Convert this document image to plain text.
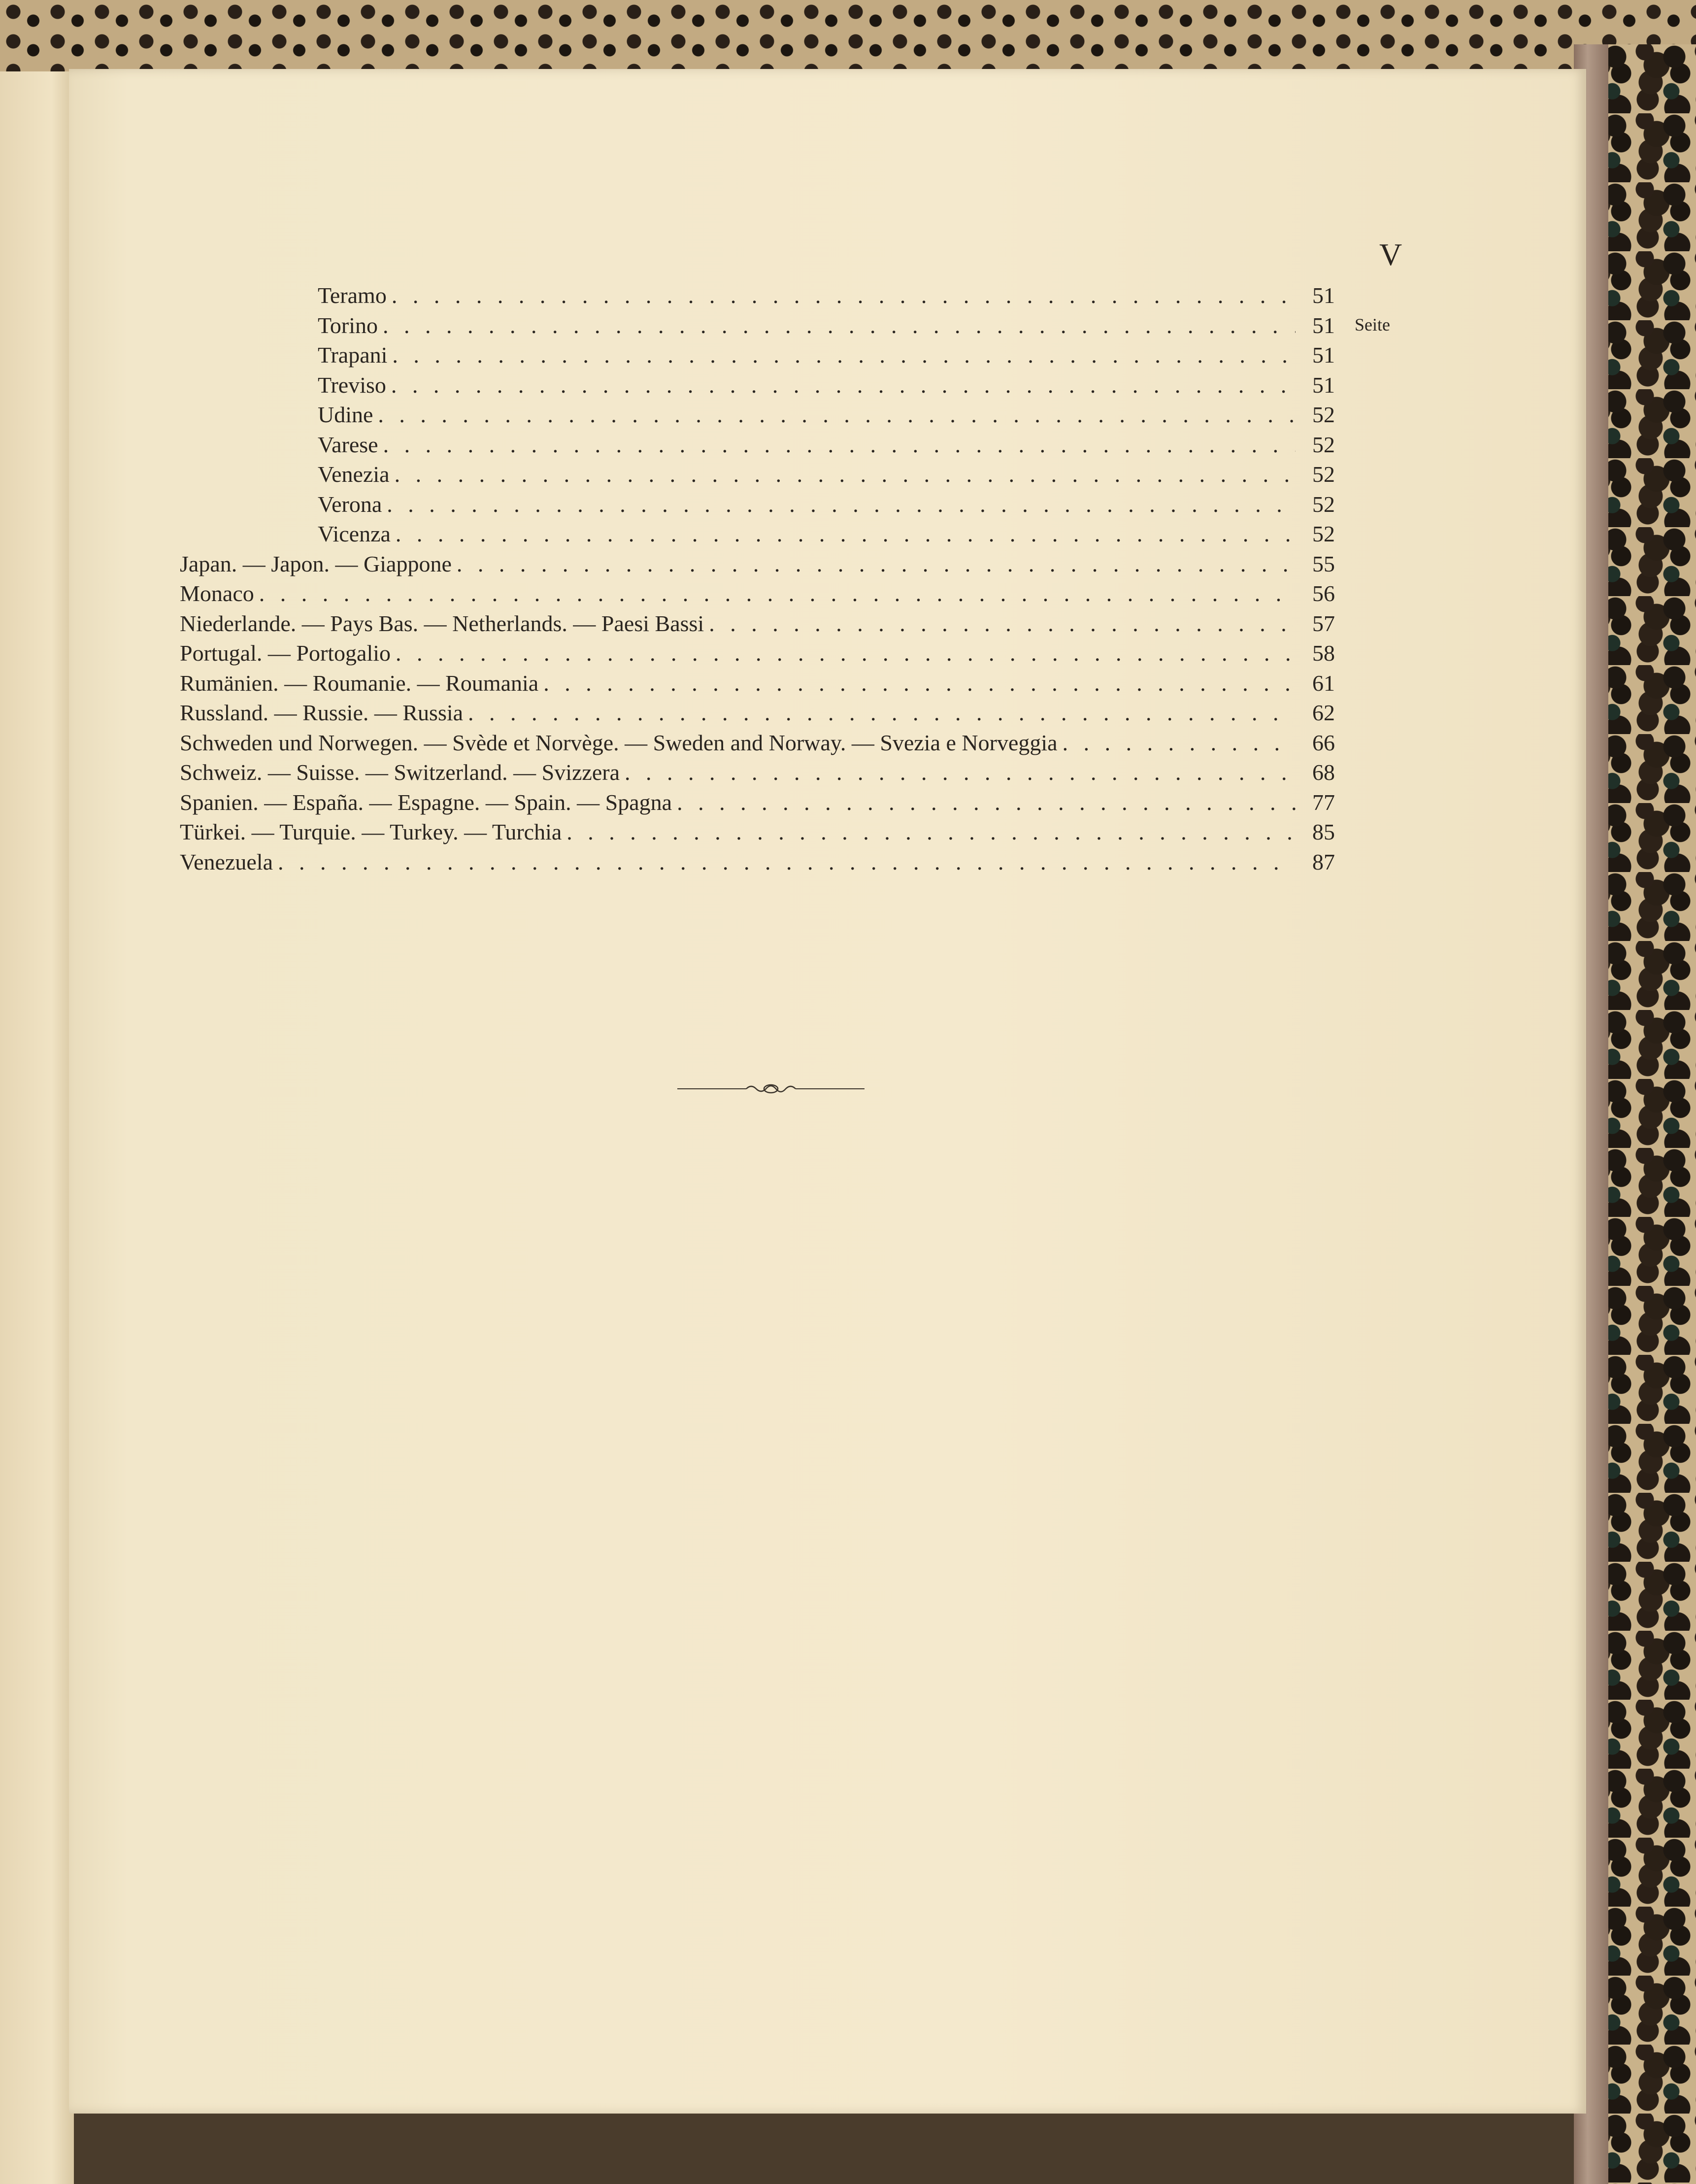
V
Seite
Teramo . . .	51
Torino . . .	51
Trapani . . .	51
Treviso . . .	51
Udine . . .	52
Varese . . .	52
Venezia . . .	52
Verona . . .	52
Vicenza . . .	52
Japan. — Japon. — Giappone . . .	55
Monaco . . .	56
Niederlande. — Pays Bas. — Netherlands. — Paesi Bassi . . .	57
Portugal. — Portogalio . . .	58
Rumänien. — Roumanie. — Roumania . . .	61
Russland. — Russie. — Russia . . .	62
Schweden und Norwegen. — Svède et Norvège. — Sweden and Norway. — Svezia e Norveggia . . .	66
Schweiz. — Suisse. — Switzerland. — Svizzera . . .	68
Spanien. — España. — Espagne. — Spain. — Spagna . . .	77
Türkei. — Turquie. — Turkey. — Turchia . . .	85
Venezuela . . .	87
